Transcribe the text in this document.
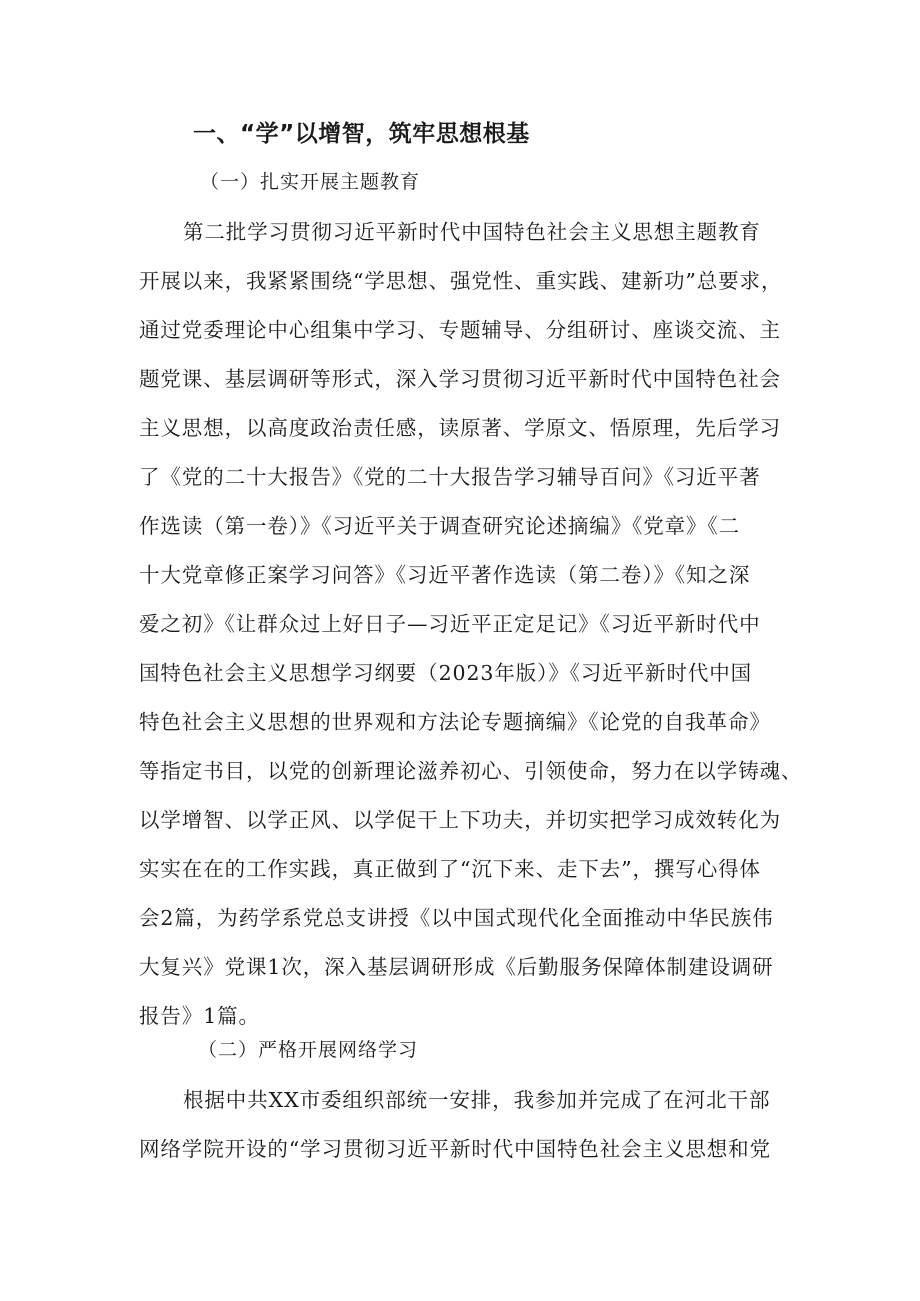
一、“学”以增智，筑牢思想根基
（一）扎实开展主题教育
第二批学习贯彻习近平新时代中国特色社会主义思想主题教育
开展以来，我紧紧围绕“学思想、强党性、重实践、建新功”总要求，
通过党委理论中心组集中学习、专题辅导、分组研讨、座谈交流、主
题党课、基层调研等形式，深入学习贯彻习近平新时代中国特色社会
主义思想，以高度政治责任感，读原著、学原文、悟原理，先后学习
了《党的二十大报告》《党的二十大报告学习辅导百问》《习近平著
作选读（第一卷）》《习近平关于调查研究论述摘编》《党章》《二
十大党章修正案学习问答》《习近平著作选读（第二卷）》《知之深
爱之初》《让群众过上好日子—习近平正定足记》《习近平新时代中
国特色社会主义思想学习纲要（2023年版）》《习近平新时代中国
特色社会主义思想的世界观和方法论专题摘编》《论党的自我革命》
等指定书目，以党的创新理论滋养初心、引领使命，努力在以学铸魂、
以学增智、以学正风、以学促干上下功夫，并切实把学习成效转化为
实实在在的工作实践，真正做到了“沉下来、走下去”，撰写心得体
会2篇，为药学系党总支讲授《以中国式现代化全面推动中华民族伟
大复兴》党课1次，深入基层调研形成《后勤服务保障体制建设调研
报告》1篇。
（二）严格开展网络学习
根据中共XX市委组织部统一安排，我参加并完成了在河北干部
网络学院开设的“学习贯彻习近平新时代中国特色社会主义思想和党
